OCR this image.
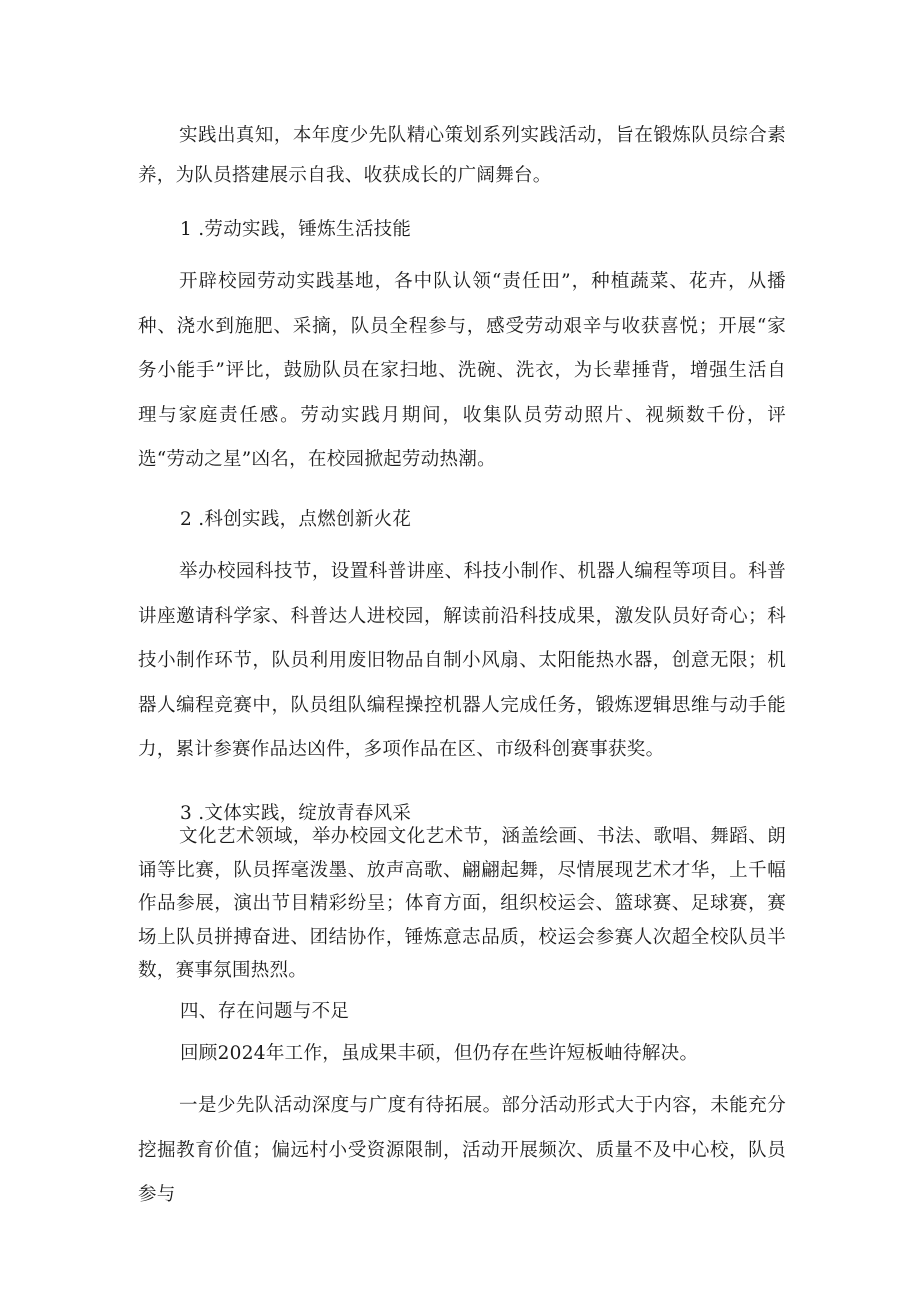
实践出真知，本年度少先队精心策划系列实践活动，旨在锻炼队员综合素养，为队员搭建展示自我、收获成长的广阔舞台。

1 .劳动实践，锤炼生活技能

开辟校园劳动实践基地，各中队认领“责任田”，种植蔬菜、花卉，从播种、浇水到施肥、采摘，队员全程参与，感受劳动艰辛与收获喜悦；开展“家务小能手”评比，鼓励队员在家扫地、洗碗、洗衣，为长辈捶背，增强生活自理与家庭责任感。劳动实践月期间，收集队员劳动照片、视频数千份，评选“劳动之星”凶名，在校园掀起劳动热潮。

2 .科创实践，点燃创新火花

举办校园科技节，设置科普讲座、科技小制作、机器人编程等项目。科普讲座邀请科学家、科普达人进校园，解读前沿科技成果，激发队员好奇心；科技小制作环节，队员利用废旧物品自制小风扇、太阳能热水器，创意无限；机器人编程竞赛中，队员组队编程操控机器人完成任务，锻炼逻辑思维与动手能力，累计参赛作品达凶件，多项作品在区、市级科创赛事获奖。

3 .文体实践，绽放青春风采

文化艺术领域，举办校园文化艺术节，涵盖绘画、书法、歌唱、舞蹈、朗诵等比赛，队员挥毫泼墨、放声高歌、翩翩起舞，尽情展现艺术才华，上千幅作品参展，演出节目精彩纷呈；体育方面，组织校运会、篮球赛、足球赛，赛场上队员拼搏奋进、团结协作，锤炼意志品质，校运会参赛人次超全校队员半数，赛事氛围热烈。

四、存在问题与不足

回顾2024年工作，虽成果丰硕，但仍存在些许短板岫待解决。

一是少先队活动深度与广度有待拓展。部分活动形式大于内容，未能充分挖掘教育价值；偏远村小受资源限制，活动开展频次、质量不及中心校，队员参与
